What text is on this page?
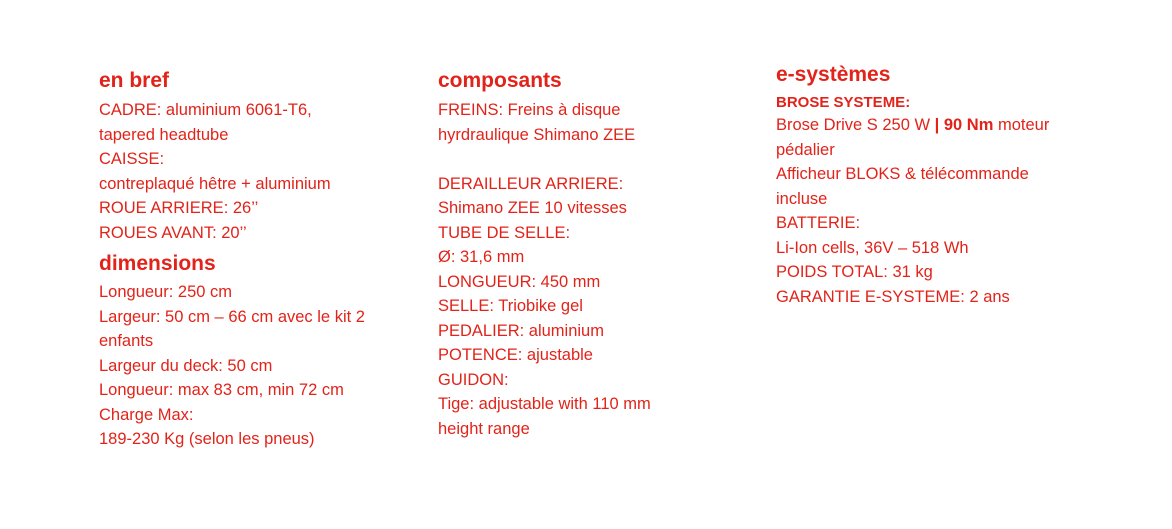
en bref
CADRE: aluminium 6061-T6,
tapered headtube
CAISSE:
contreplaqué hêtre + aluminium
ROUE ARRIERE: 26’’
ROUES AVANT: 20’’
dimensions
Longueur: 250 cm
Largeur: 50 cm – 66 cm avec le kit 2
enfants
Largeur du deck: 50 cm
Longueur: max 83 cm, min 72 cm
Charge Max:
189-230 Kg (selon les pneus)
composants
FREINS: Freins à disque
hyrdraulique Shimano ZEE
DERAILLEUR ARRIERE:
Shimano ZEE 10 vitesses
TUBE DE SELLE:
Ø: 31,6 mm
LONGUEUR: 450 mm
SELLE: Triobike gel
PEDALIER: aluminium
POTENCE: ajustable
GUIDON:
Tige: adjustable with 110 mm
height range
e-systèmes
BROSE SYSTEME:
Brose Drive S 250 W | 90 Nm moteur
pédalier
Afficheur BLOKS & télécommande
incluse
BATTERIE:
Li-Ion cells, 36V – 518 Wh
POIDS TOTAL: 31 kg
GARANTIE E-SYSTEME: 2 ans
